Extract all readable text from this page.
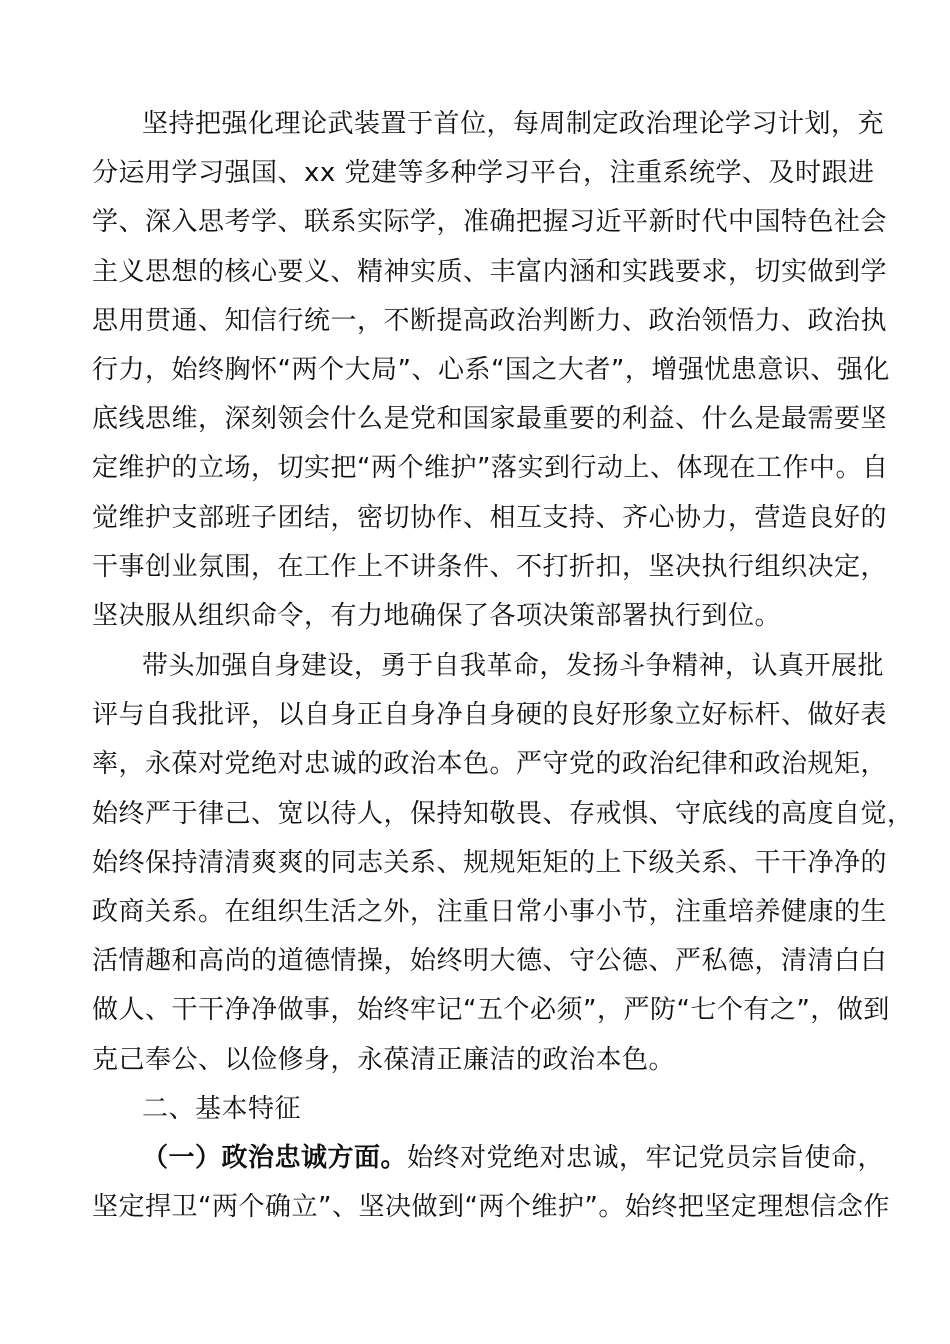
坚持把强化理论武装置于首位，每周制定政治理论学习计划，充
分运用学习强国、xx 党建等多种学习平台，注重系统学、及时跟进
学、深入思考学、联系实际学，准确把握习近平新时代中国特色社会
主义思想的核心要义、精神实质、丰富内涵和实践要求，切实做到学
思用贯通、知信行统一，不断提高政治判断力、政治领悟力、政治执
行力，始终胸怀“两个大局”、心系“国之大者”，增强忧患意识、强化
底线思维，深刻领会什么是党和国家最重要的利益、什么是最需要坚
定维护的立场，切实把“两个维护”落实到行动上、体现在工作中。自
觉维护支部班子团结，密切协作、相互支持、齐心协力，营造良好的
干事创业氛围，在工作上不讲条件、不打折扣，坚决执行组织决定，
坚决服从组织命令，有力地确保了各项决策部署执行到位。

带头加强自身建设，勇于自我革命，发扬斗争精神，认真开展批
评与自我批评，以自身正自身净自身硬的良好形象立好标杆、做好表
率，永葆对党绝对忠诚的政治本色。严守党的政治纪律和政治规矩，
始终严于律己、宽以待人，保持知敬畏、存戒惧、守底线的高度自觉，
始终保持清清爽爽的同志关系、规规矩矩的上下级关系、干干净净的
政商关系。在组织生活之外，注重日常小事小节，注重培养健康的生
活情趣和高尚的道德情操，始终明大德、守公德、严私德，清清白白
做人、干干净净做事，始终牢记“五个必须”，严防“七个有之”，做到
克己奉公、以俭修身，永葆清正廉洁的政治本色。

二、基本特征

（一）政治忠诚方面。始终对党绝对忠诚，牢记党员宗旨使命，
坚定捍卫“两个确立”、坚决做到“两个维护”。始终把坚定理想信念作
